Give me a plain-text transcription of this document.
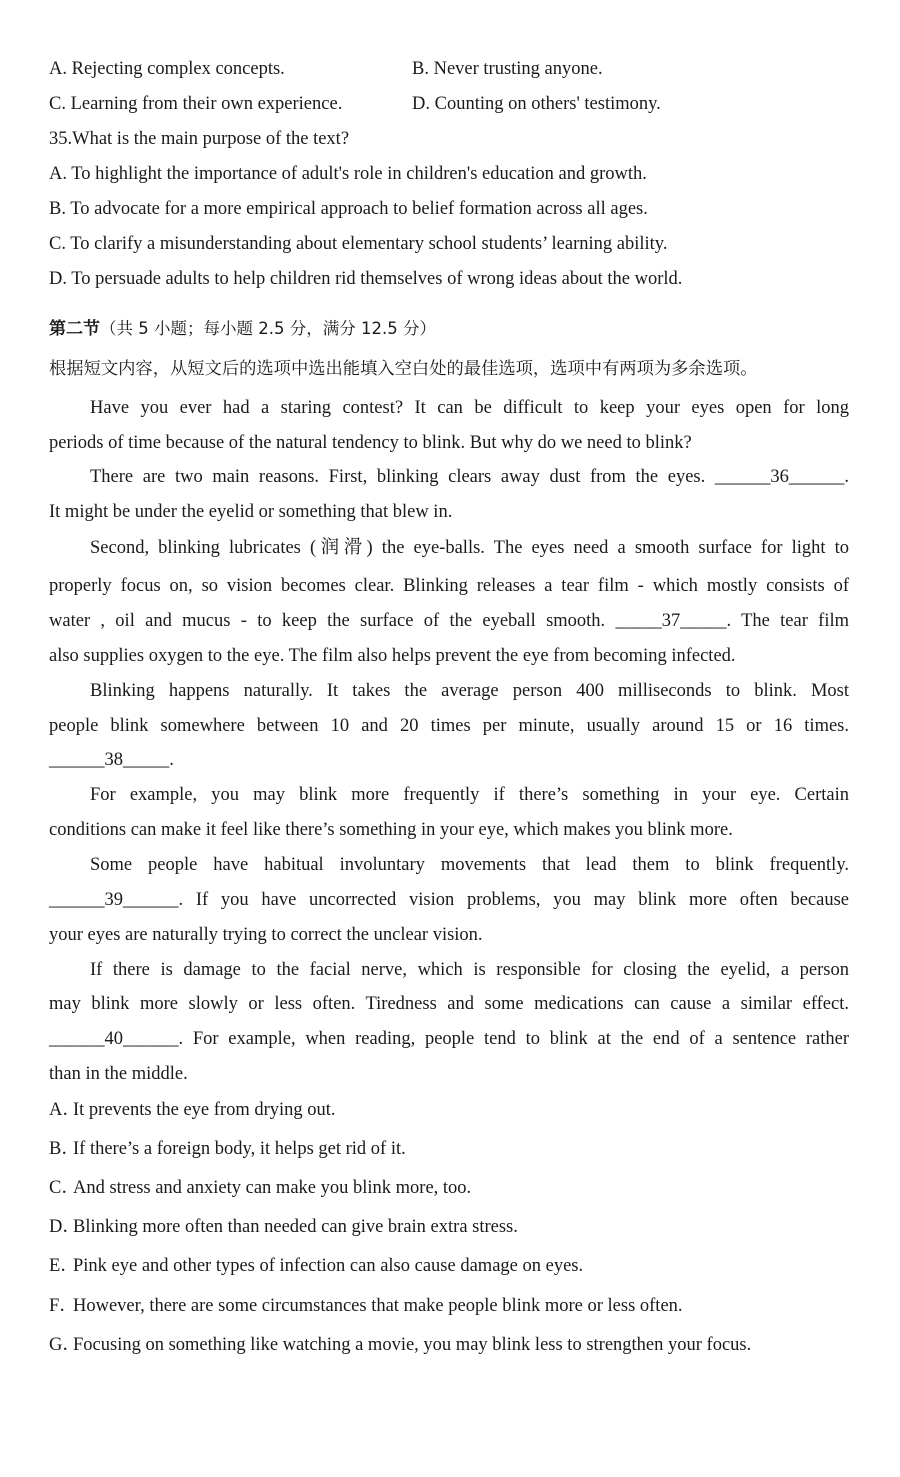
A. Rejecting complex concepts.	B. Never trusting anyone.
C. Learning from their own experience.	D. Counting on others' testimony.
35.What is the main purpose of the text?
A. To highlight the importance of adult's role in children's education and growth.
B. To advocate for a more empirical approach to belief formation across all ages.
C. To clarify a misunderstanding about elementary school students’ learning ability.
D. To persuade adults to help children rid themselves of wrong ideas about the world.
第二节（共 5 小题；每小题 2.5 分，满分 12.5 分）
根据短文内容，从短文后的选项中选出能填入空白处的最佳选项，选项中有两项为多余选项。
Have you ever had a staring contest? It can be difficult to keep your eyes open for long
periods of time because of the natural tendency to blink. But why do we need to blink?
There are two main reasons. First, blinking clears away dust from the eyes. ______36______.
It might be under the eyelid or something that blew in.
Second, blinking lubricates (润滑) the eye-balls. The eyes need a smooth surface for light to
properly focus on, so vision becomes clear. Blinking releases a tear film - which mostly consists of
water , oil and mucus - to keep the surface of the eyeball smooth. _____37_____. The tear film
also supplies oxygen to the eye. The film also helps prevent the eye from becoming infected.
Blinking happens naturally. It takes the average person 400 milliseconds to blink. Most
people blink somewhere between 10 and 20 times per minute, usually around 15 or 16 times.
______38_____.
For example, you may blink more frequently if there’s something in your eye. Certain
conditions can make it feel like there’s something in your eye, which makes you blink more.
Some people have habitual involuntary movements that lead them to blink frequently.
______39______. If you have uncorrected vision problems, you may blink more often because
your eyes are naturally trying to correct the unclear vision.
If there is damage to the facial nerve, which is responsible for closing the eyelid, a person
may blink more slowly or less often. Tiredness and some medications can cause a similar effect.
______40______. For example, when reading, people tend to blink at the end of a sentence rather
than in the middle.
A．It prevents the eye from drying out.
B．If there’s a foreign body, it helps get rid of it.
C．And stress and anxiety can make you blink more, too.
D．Blinking more often than needed can give brain extra stress.
E．Pink eye and other types of infection can also cause damage on eyes.
F．However, there are some circumstances that make people blink more or less often.
G．Focusing on something like watching a movie, you may blink less to strengthen your focus.
